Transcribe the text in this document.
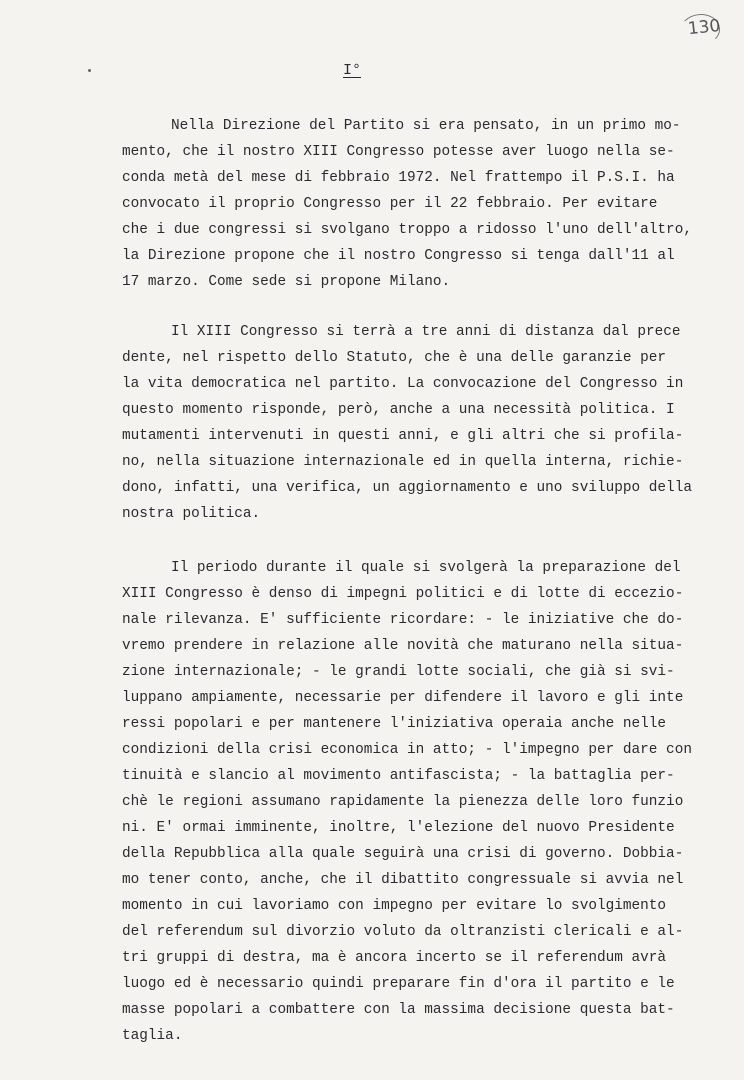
130
I°
Nella Direzione del Partito si era pensato, in un primo mo-
mento, che il nostro XIII Congresso potesse aver luogo nella se-
conda metà del mese di febbraio 1972. Nel frattempo il P.S.I. ha
convocato il proprio Congresso per il 22 febbraio. Per evitare
che i due congressi si svolgano troppo a ridosso l'uno dell'altro,
la Direzione propone che il nostro Congresso si tenga dall'11 al
17 marzo. Come sede si propone Milano.
Il XIII Congresso si terrà a tre anni di distanza dal prece
dente, nel rispetto dello Statuto, che è una delle garanzie per
la vita democratica nel partito. La convocazione del Congresso in
questo momento risponde, però, anche a una necessità politica. I
mutamenti intervenuti in questi anni, e gli altri che si profila-
no, nella situazione internazionale ed in quella interna, richie-
dono, infatti, una verifica, un aggiornamento e uno sviluppo della
nostra politica.
Il periodo durante il quale si svolgerà la preparazione del
XIII Congresso è denso di impegni politici e di lotte di eccezio-
nale rilevanza. E' sufficiente ricordare: - le iniziative che do-
vremo prendere in relazione alle novità che maturano nella situa-
zione internazionale; - le grandi lotte sociali, che già si svi-
luppano ampiamente, necessarie per difendere il lavoro e gli inte
ressi popolari e per mantenere l'iniziativa operaia anche nelle
condizioni della crisi economica in atto; - l'impegno per dare con
tinuità e slancio al movimento antifascista; - la battaglia per-
chè le regioni assumano rapidamente la pienezza delle loro funzio
ni. E' ormai imminente, inoltre, l'elezione del nuovo Presidente
della Repubblica alla quale seguirà una crisi di governo. Dobbia-
mo tener conto, anche, che il dibattito congressuale si avvia nel
momento in cui lavoriamo con impegno per evitare lo svolgimento
del referendum sul divorzio voluto da oltranzisti clericali e al-
tri gruppi di destra, ma è ancora incerto se il referendum avrà
luogo ed è necessario quindi preparare fin d'ora il partito e le
masse popolari a combattere con la massima decisione questa bat-
taglia.
